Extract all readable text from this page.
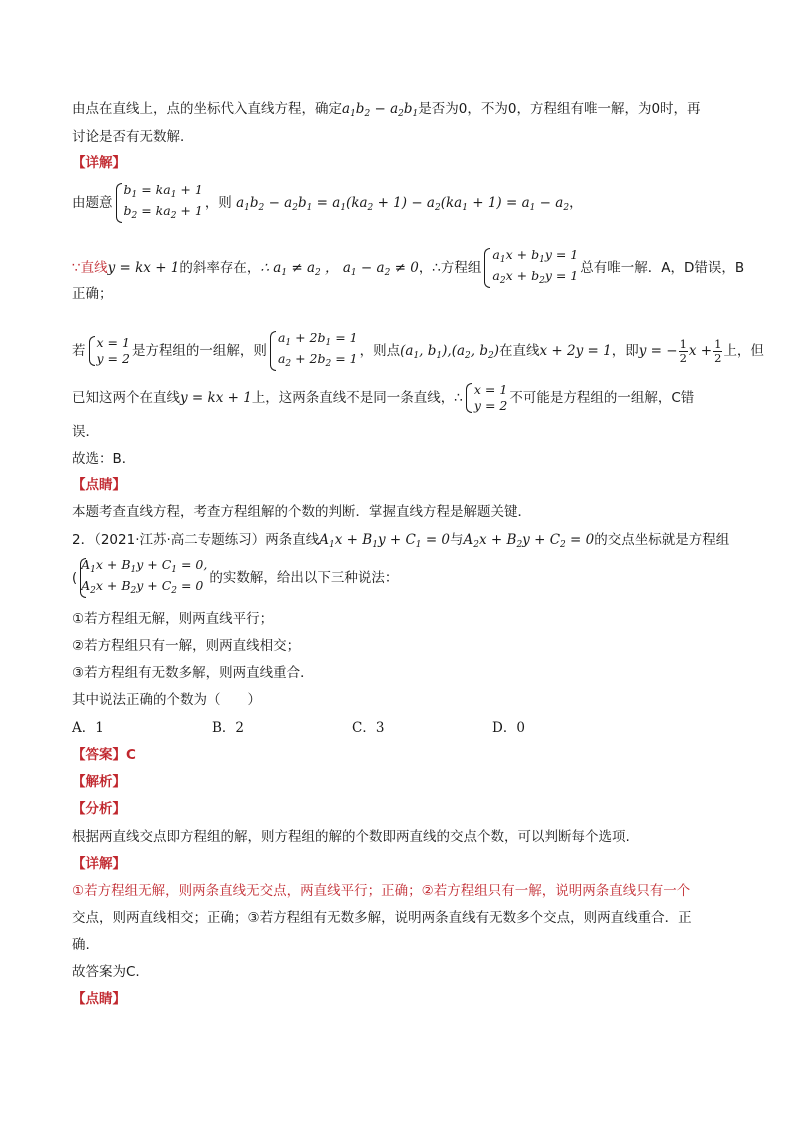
由点在直线上，点的坐标代入直线方程，确定$a_1b_2 - a_2b_1$是否为0，不为0，方程组有唯一解，为0时，再
讨论是否有无数解．
【详解】
由题意
$b_1 = ka_1 + 1$
$b_2 = ka_2 + 1$ ，则 $a_1b_2 - a_2b_1 = a_1(ka_2 + 1) - a_2(ka_1 + 1) = a_1 - a_2$，
∵直线y = kx + 1的斜率存在，∴ $a_1 \ne a_2$ ， $a_1 - a_2 \ne 0$，∴方程组
$a_1x + b_1y = 1$
$a_2x + b_2y = 1$ 总有唯一解．A，D错误，B
正确；
若
x = 1
y = 2 是方程组的一组解，则
$a_1 + 2b_1 = 1$
$a_2 + 2b_2 = 1$ ，则点($a_1$, $b_1),(a_2$, $b_2$)在直线x + 2y = 1，即y = − $\frac{1}{2}$ $x + \frac{1}{2}$ 上，但
已知这两个在直线y = kx + 1上，这两条直线不是同一条直线，∴
x = 1
y = 2 不可能是方程组的一组解，C错
误．
故选：B．
【点睛】
本题考查直线方程，考查方程组解的个数的判断．掌握直线方程是解题关键．
2．（2021·江苏·高二专题练习）两条直线$A_1x + B_1y + C_1 = 0$与$A_2x + B_2y + C_2 = 0$的交点坐标就是方程组
(
$A_1x + B_1y + C_1 = 0$,
$A_2x + B_2y + C_2 = 0$ 的实数解，给出以下三种说法：
①若方程组无解，则两直线平行；
②若方程组只有一解，则两直线相交；
③若方程组有无数多解，则两直线重合．
其中说法正确的个数为（　　）
A．1	B．2	C．3	D．0
【答案】C
【解析】
【分析】
根据两直线交点即方程组的解，则方程组的解的个数即两直线的交点个数，可以判断每个选项.
【详解】
①若方程组无解，则两条直线无交点，两直线平行；正确；②若方程组只有一解，说明两条直线只有一个
交点，则两直线相交；正确；③若方程组有无数多解，说明两条直线有无数多个交点，则两直线重合．正
确.
故答案为C.
【点睛】
